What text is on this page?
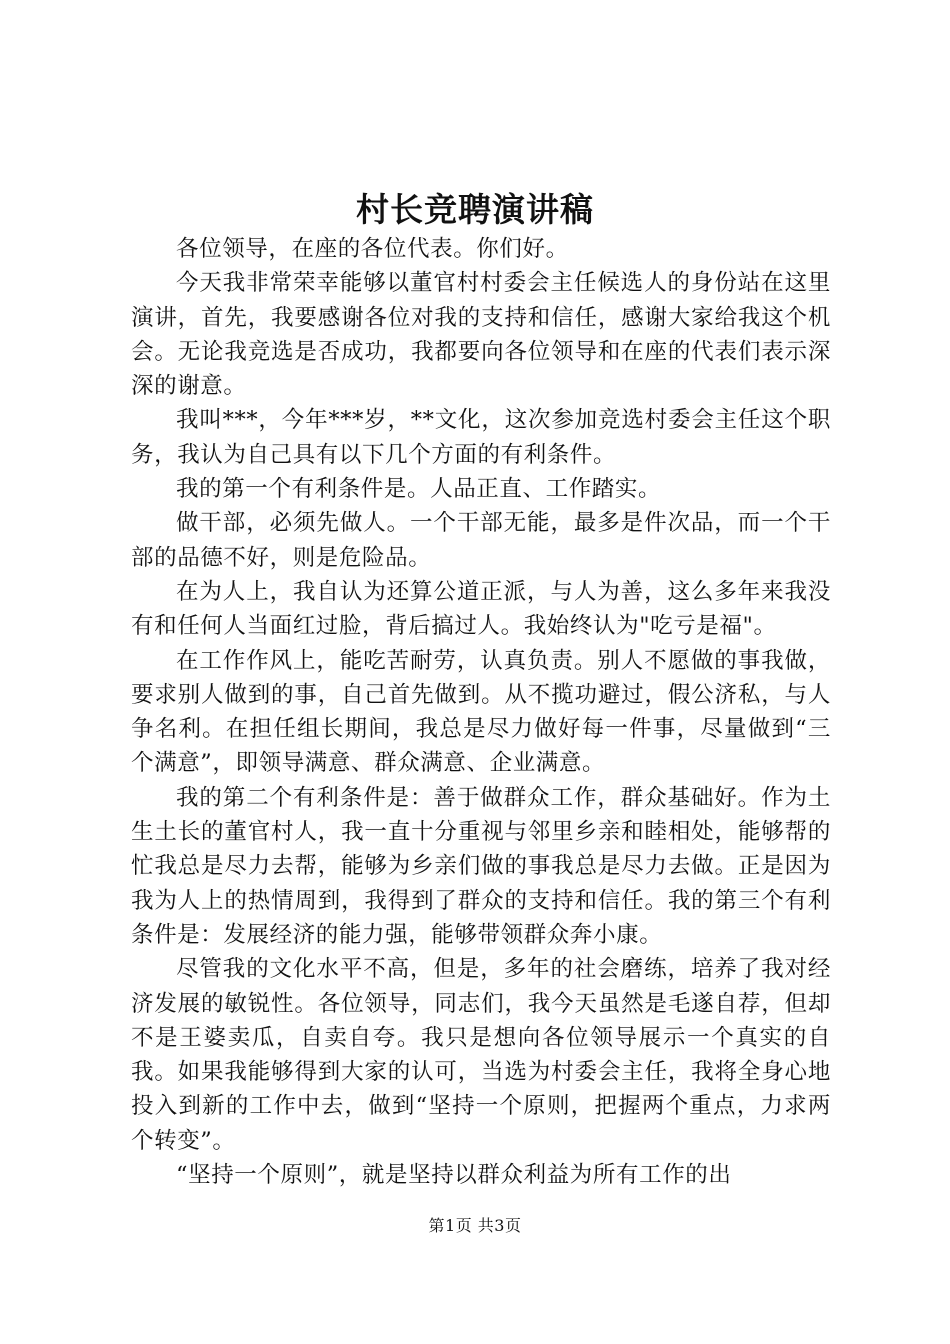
村长竞聘演讲稿

各位领导，在座的各位代表。你们好。

今天我非常荣幸能够以董官村村委会主任候选人的身份站在这里演讲，首先，我要感谢各位对我的支持和信任，感谢大家给我这个机会。无论我竞选是否成功，我都要向各位领导和在座的代表们表示深深的谢意。

我叫***，今年***岁，**文化，这次参加竞选村委会主任这个职务，我认为自己具有以下几个方面的有利条件。

我的第一个有利条件是。人品正直、工作踏实。

做干部，必须先做人。一个干部无能，最多是件次品，而一个干部的品德不好，则是危险品。

在为人上，我自认为还算公道正派，与人为善，这么多年来我没有和任何人当面红过脸，背后搞过人。我始终认为"吃亏是福"。

在工作作风上，能吃苦耐劳，认真负责。别人不愿做的事我做，要求别人做到的事，自己首先做到。从不揽功避过，假公济私，与人争名利。在担任组长期间，我总是尽力做好每一件事，尽量做到“三个满意”，即领导满意、群众满意、企业满意。

我的第二个有利条件是：善于做群众工作，群众基础好。作为土生土长的董官村人，我一直十分重视与邻里乡亲和睦相处，能够帮的忙我总是尽力去帮，能够为乡亲们做的事我总是尽力去做。正是因为我为人上的热情周到，我得到了群众的支持和信任。我的第三个有利条件是：发展经济的能力强，能够带领群众奔小康。

尽管我的文化水平不高，但是，多年的社会磨练，培养了我对经济发展的敏锐性。各位领导，同志们，我今天虽然是毛遂自荐，但却不是王婆卖瓜，自卖自夸。我只是想向各位领导展示一个真实的自我。如果我能够得到大家的认可，当选为村委会主任，我将全身心地投入到新的工作中去，做到“坚持一个原则，把握两个重点，力求两个转变”。

“坚持一个原则”，就是坚持以群众利益为所有工作的出

第1页 共3页
